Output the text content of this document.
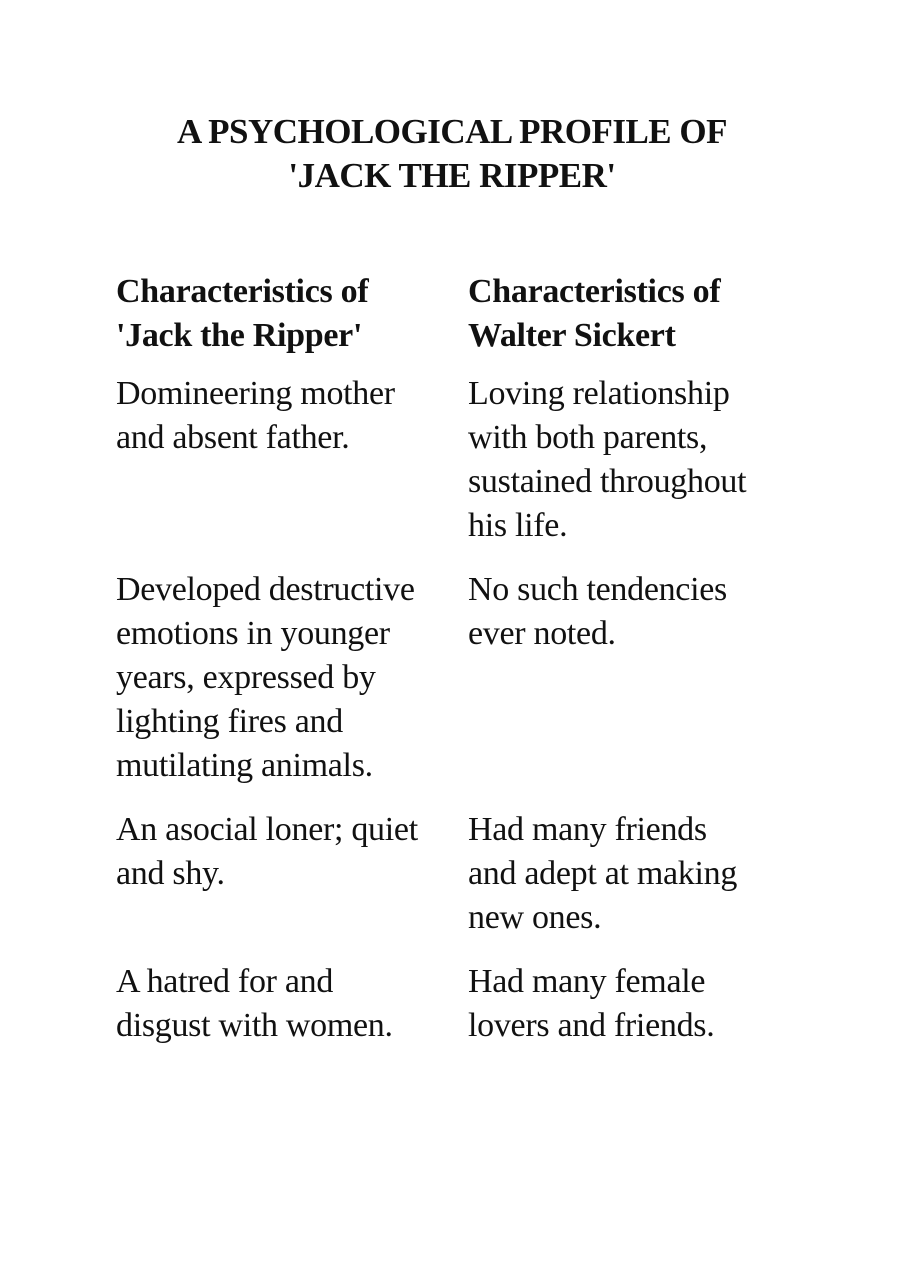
A PSYCHOLOGICAL PROFILE OF
'JACK THE RIPPER'
Characteristics of
'Jack the Ripper'
Characteristics of
Walter Sickert
Domineering mother
and absent father.
Loving relationship
with both parents,
sustained throughout
his life.
Developed destructive
emotions in younger
years, expressed by
lighting fires and
mutilating animals.
No such tendencies
ever noted.
An asocial loner; quiet
and shy.
Had many friends
and adept at making
new ones.
A hatred for and
disgust with women.
Had many female
lovers and friends.
